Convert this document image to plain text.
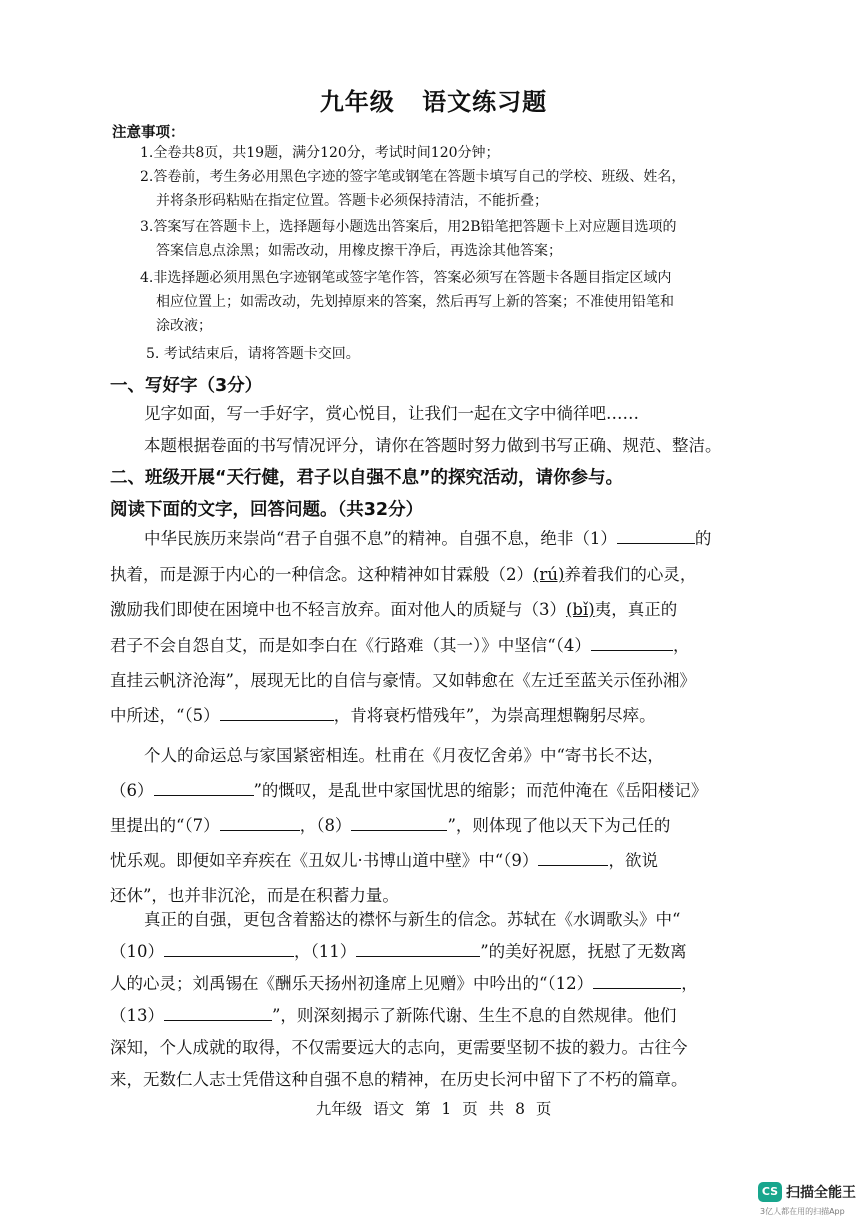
九年级 语文练习题
注意事项：
1.全卷共8页，共19题，满分120分，考试时间120分钟；
2.答卷前，考生务必用黑色字迹的签字笔或钢笔在答题卡填写自己的学校、班级、姓名，
并将条形码粘贴在指定位置。答题卡必须保持清洁，不能折叠；
3.答案写在答题卡上，选择题每小题选出答案后，用2B铅笔把答题卡上对应题目选项的
答案信息点涂黑；如需改动，用橡皮擦干净后，再选涂其他答案；
4.非选择题必须用黑色字迹钢笔或签字笔作答，答案必须写在答题卡各题目指定区域内
相应位置上；如需改动，先划掉原来的答案，然后再写上新的答案；不准使用铅笔和
涂改液；
5. 考试结束后，请将答题卡交回。
一、写好字（3分）
见字如面，写一手好字，赏心悦目，让我们一起在文字中徜徉吧……
本题根据卷面的书写情况评分，请你在答题时努力做到书写正确、规范、整洁。
二、班级开展“天行健，君子以自强不息”的探究活动，请你参与。
阅读下面的文字，回答问题。（共32分）
中华民族历来崇尚“君子自强不息”的精神。自强不息，绝非（1）	的
执着，而是源于内心的一种信念。这种精神如甘霖般（2）(rú)养着我们的心灵，
激励我们即使在困境中也不轻言放弃。面对他人的质疑与（3）(bǐ)夷，真正的
君子不会自怨自艾，而是如李白在《行路难（其一）》中坚信“（4）	，
直挂云帆济沧海”，展现无比的自信与豪情。又如韩愈在《左迁至蓝关示侄孙湘》
中所述，“（5）	，肯将衰朽惜残年”，为崇高理想鞠躬尽瘁。
个人的命运总与家国紧密相连。杜甫在《月夜忆舍弟》中“寄书长不达，
（6）	”的慨叹，是乱世中家国忧思的缩影；而范仲淹在《岳阳楼记》
里提出的“（7）	，（8）	”，则体现了他以天下为己任的
忧乐观。即便如辛弃疾在《丑奴儿·书博山道中壁》中“（9）	，欲说
还休”，也并非沉沦，而是在积蓄力量。
真正的自强，更包含着豁达的襟怀与新生的信念。苏轼在《水调歌头》中“
（10）	，（11）	”的美好祝愿，抚慰了无数离
人的心灵；刘禹锡在《酬乐天扬州初逢席上见赠》中吟出的“（12）	，
（13）	”，则深刻揭示了新陈代谢、生生不息的自然规律。他们
深知，个人成就的取得，不仅需要远大的志向，更需要坚韧不拔的毅力。古往今
九年级 语文 第 1 页 共 8 页
CS 扫描全能王
3亿人都在用的扫描App
来，无数仁人志士凭借这种自强不息的精神，在历史长河中留下了不朽的篇章。
